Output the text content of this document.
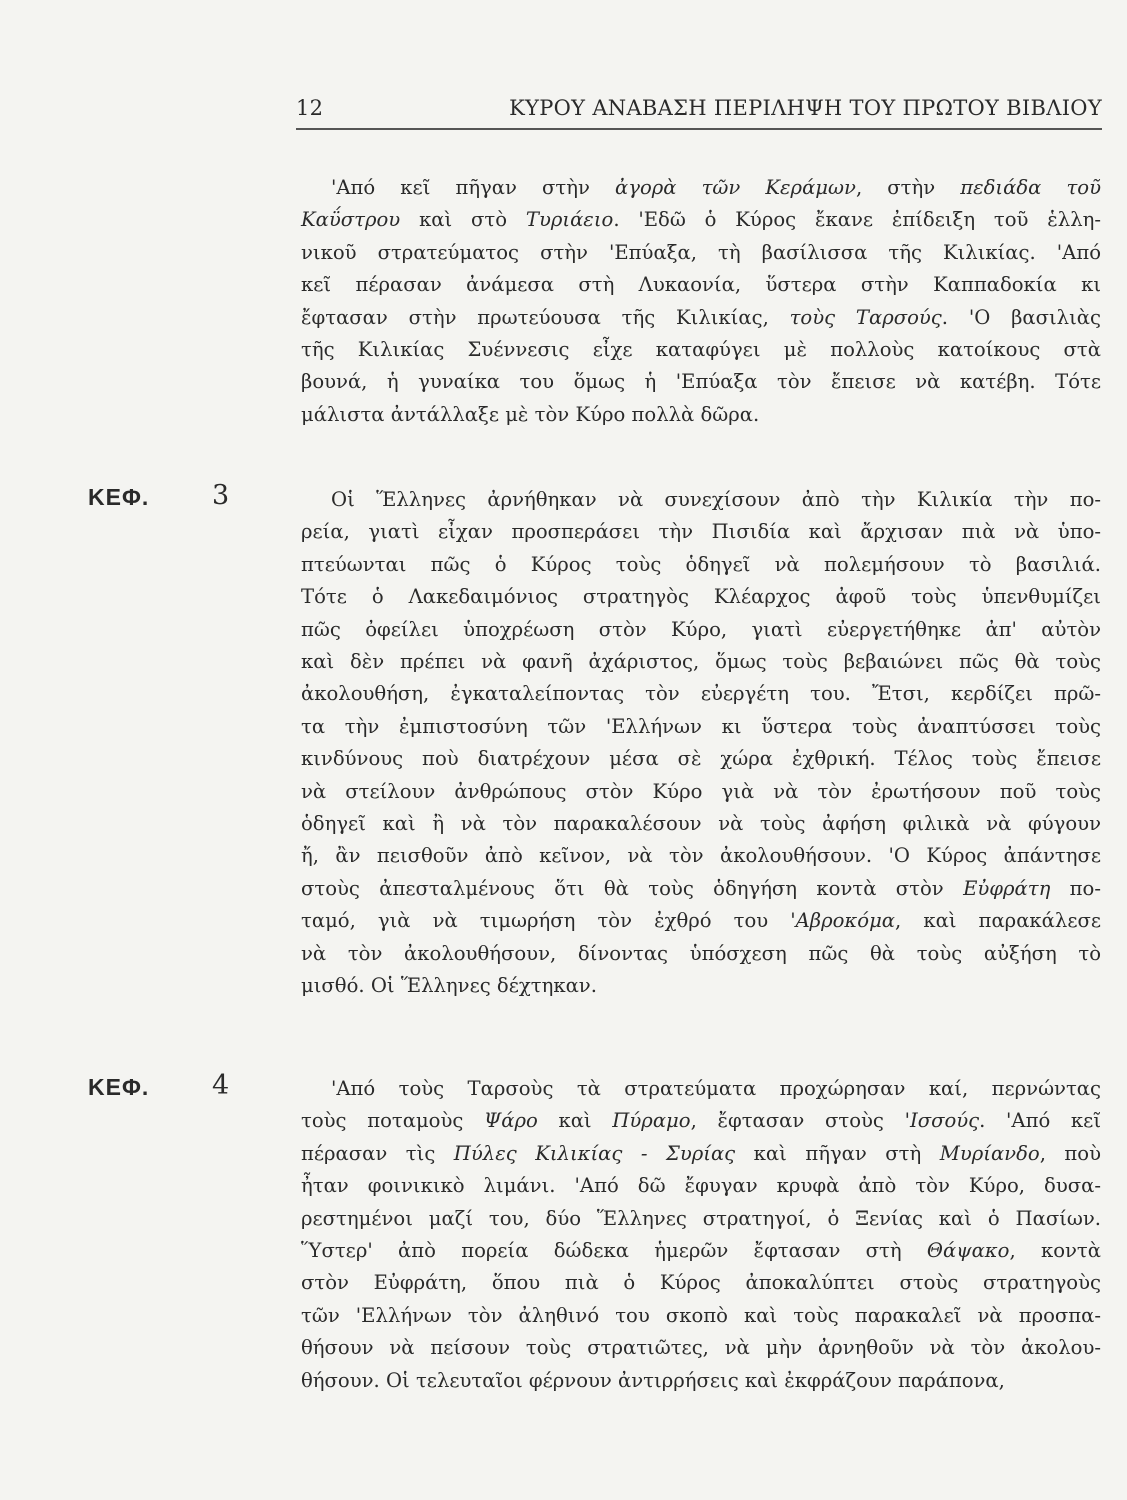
12	ΚΥΡΟΥ ΑΝΑΒΑΣΗ ΠΕΡΙΛΗΨΗ ΤΟΥ ΠΡΩΤΟΥ ΒΙΒΛΙΟΥ
ΚΕΦ. 3
ΚΕΦ. 4
'Από κεῖ πῆγαν στὴν ἀγορὰ τῶν Κεράμων, στὴν πεδιάδα τοῦ
Καΰστρου καὶ στὸ Τυριάειο. 'Εδῶ ὁ Κύρος ἔκανε ἐπίδειξη τοῦ ἑλλη-
νικοῦ στρατεύματος στὴν 'Επύαξα, τὴ βασίλισσα τῆς Κιλικίας. 'Από
κεῖ πέρασαν ἀνάμεσα στὴ Λυκαονία, ὕστερα στὴν Καππαδοκία κι
ἔφτασαν στὴν πρωτεύουσα τῆς Κιλικίας, τοὺς Ταρσούς. 'Ο βασιλιὰς
τῆς Κιλικίας Συέννεσις εἶχε καταφύγει μὲ πολλοὺς κατοίκους στὰ
βουνά, ἡ γυναίκα του ὅμως ἡ 'Επύαξα τὸν ἔπεισε νὰ κατέβη. Τότε
μάλιστα ἀντάλλαξε μὲ τὸν Κύρο πολλὰ δῶρα.
Οἱ Ἕλληνες ἀρνήθηκαν νὰ συνεχίσουν ἀπὸ τὴν Κιλικία τὴν πο-
ρεία, γιατὶ εἶχαν προσπεράσει τὴν Πισιδία καὶ ἄρχισαν πιὰ νὰ ὑπο-
πτεύωνται πῶς ὁ Κύρος τοὺς ὁδηγεῖ νὰ πολεμήσουν τὸ βασιλιά.
Τότε ὁ Λακεδαιμόνιος στρατηγὸς Κλέαρχος ἀφοῦ τοὺς ὑπενθυμίζει
πῶς ὀφείλει ὑποχρέωση στὸν Κύρο, γιατὶ εὐεργετήθηκε ἀπ' αὐτὸν
καὶ δὲν πρέπει νὰ φανῆ ἀχάριστος, ὅμως τοὺς βεβαιώνει πῶς θὰ τοὺς
ἀκολουθήση, ἐγκαταλείποντας τὸν εὐεργέτη του. Ἔτσι, κερδίζει πρῶ-
τα τὴν ἐμπιστοσύνη τῶν 'Ελλήνων κι ὕστερα τοὺς ἀναπτύσσει τοὺς
κινδύνους ποὺ διατρέχουν μέσα σὲ χώρα ἐχθρική. Τέλος τοὺς ἔπεισε
νὰ στείλουν ἀνθρώπους στὸν Κύρο γιὰ νὰ τὸν ἐρωτήσουν ποῦ τοὺς
ὁδηγεῖ καὶ ἢ νὰ τὸν παρακαλέσουν νὰ τοὺς ἀφήση φιλικὰ νὰ φύγουν
ἤ, ἂν πεισθοῦν ἀπὸ κεῖνον, νὰ τὸν ἀκολουθήσουν. 'Ο Κύρος ἀπάντησε
στοὺς ἀπεσταλμένους ὅτι θὰ τοὺς ὁδηγήση κοντὰ στὸν Εὐφράτη πο-
ταμό, γιὰ νὰ τιμωρήση τὸν ἐχθρό του 'Αβροκόμα, καὶ παρακάλεσε
νὰ τὸν ἀκολουθήσουν, δίνοντας ὑπόσχεση πῶς θὰ τοὺς αὐξήση τὸ
μισθό. Οἱ Ἕλληνες δέχτηκαν.
'Από τοὺς Ταρσοὺς τὰ στρατεύματα προχώρησαν καί, περνώντας
τοὺς ποταμοὺς Ψάρο καὶ Πύραμο, ἔφτασαν στοὺς 'Ισσούς. 'Από κεῖ
πέρασαν τὶς Πύλες Κιλικίας - Συρίας καὶ πῆγαν στὴ Μυρίανδο, ποὺ
ἦταν φοινικικὸ λιμάνι. 'Από δῶ ἔφυγαν κρυφὰ ἀπὸ τὸν Κύρο, δυσα-
ρεστημένοι μαζί του, δύο Ἕλληνες στρατηγοί, ὁ Ξενίας καὶ ὁ Πασίων.
Ὕστερ' ἀπὸ πορεία δώδεκα ἡμερῶν ἔφτασαν στὴ Θάψακο, κοντὰ
στὸν Εὐφράτη, ὅπου πιὰ ὁ Κύρος ἀποκαλύπτει στοὺς στρατηγοὺς
τῶν 'Ελλήνων τὸν ἀληθινό του σκοπὸ καὶ τοὺς παρακαλεῖ νὰ προσπα-
θήσουν νὰ πείσουν τοὺς στρατιῶτες, νὰ μὴν ἀρνηθοῦν νὰ τὸν ἀκολου-
θήσουν. Οἱ τελευταῖοι φέρνουν ἀντιρρήσεις καὶ ἐκφράζουν παράπονα,
